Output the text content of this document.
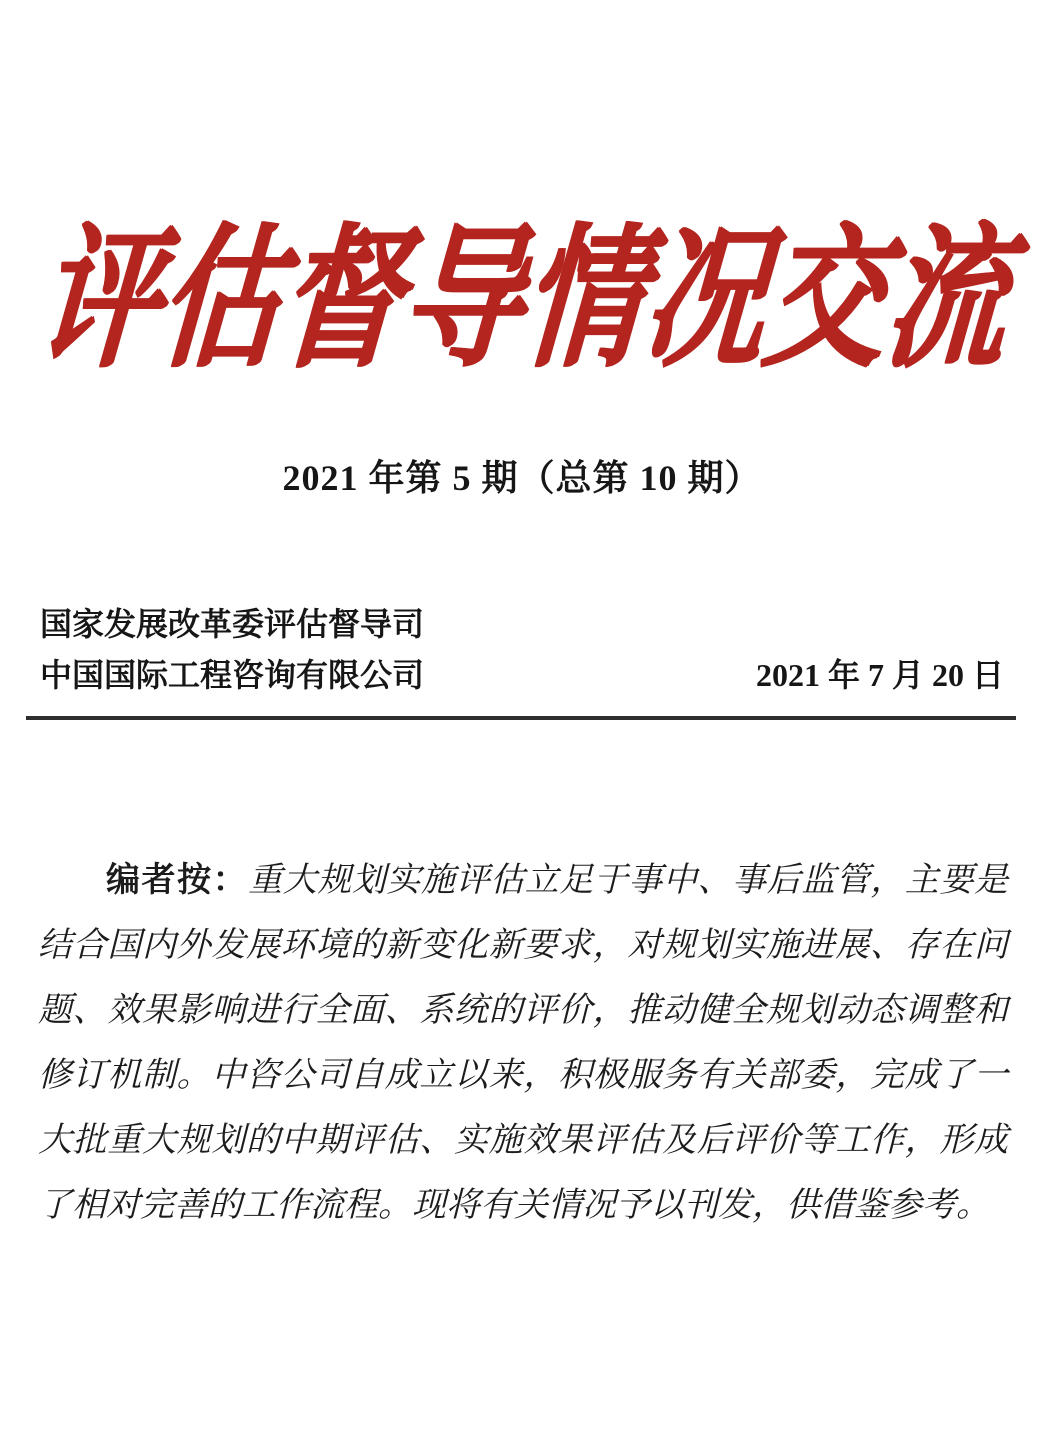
评估督导情况交流
2021 年第 5 期（总第 10 期）
国家发展改革委评估督导司
中国国际工程咨询有限公司	2021 年 7 月 20 日

编者按：重大规划实施评估立足于事中、事后监管，主要是结合国内外发展环境的新变化新要求，对规划实施进展、存在问题、效果影响进行全面、系统的评价，推动健全规划动态调整和修订机制。中咨公司自成立以来，积极服务有关部委，完成了一大批重大规划的中期评估、实施效果评估及后评价等工作，形成了相对完善的工作流程。现将有关情况予以刊发，供借鉴参考。
